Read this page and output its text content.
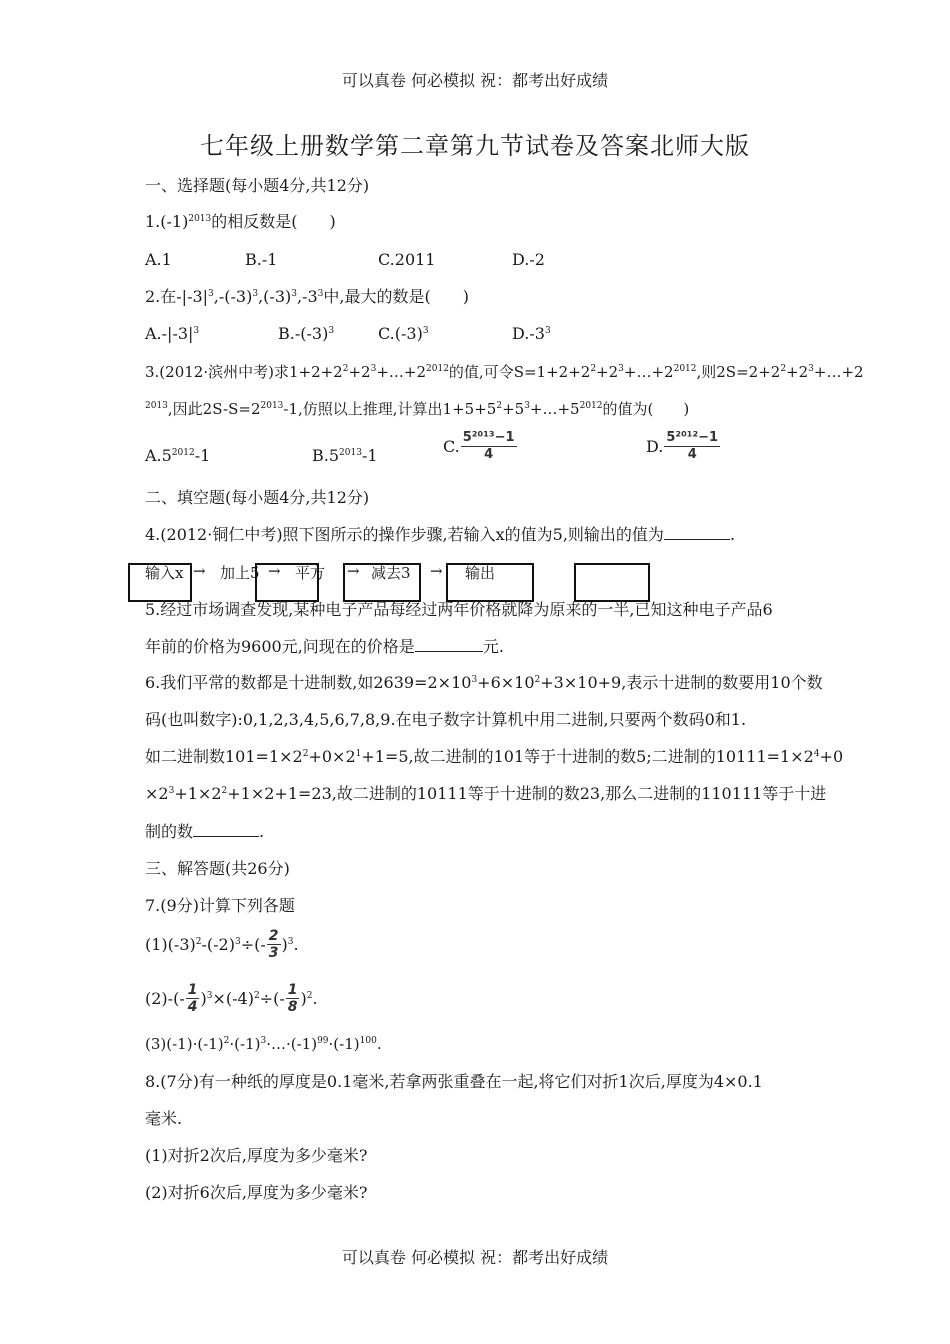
可以真卷 何必模拟 祝：都考出好成绩
七年级上册数学第二章第九节试卷及答案北师大版
一、选择题(每小题4分,共12分)
$1.(-1)^{2013}$的相反数是(　　)
A.1	B.-1	C.2011	D.-2
2.在$-|-3|^3,-(-3)^3,(-3)^3,-3^3$中,最大的数是(　　)
$A.-|-3|^3$	$B.-(-3)^3$	$C.(-3)^3$	$D.-3^3$
3.(2012·滨州中考)求$1+2+2^2+2^3+\dots+2^{2012}$的值,可令$S=1+2+2^2+2^3+\dots+2^{2012}$,则$2S=2+2^2+2^3+\dots+2$
$^{2013}$,因此$2S-S=2^{2013}-1$,仿照以上推理,计算出$1+5+5^2+5^3+\dots+5^{2012}$的值为(　　)
$A.5^{2012}-1$	$B.5^{2013}-1$	C. $\frac{\text{5²⁰¹³−1}}{4}$	D. $\frac{\text{5²⁰¹²−1}}{4}$
二、填空题(每小题4分,共12分)
4.(2012·铜仁中考)照下图所示的操作步骤,若输入x的值为5,则输出的值为	.
输入x → 加上5 → 平方 → 减去3 → 输出
5.经过市场调查发现,某种电子产品每经过两年价格就降为原来的一半,已知这种电子产品6
年前的价格为9600元,问现在的价格是	元.
6.我们平常的数都是十进制数,如$2639=2\times 10^3+6\times 10^2+3\times 10+9$,表示十进制的数要用10个数
码(也叫数字):0,1,2,3,4,5,6,7,8,9.在电子数字计算机中用二进制,只要两个数码0和1.
如二进制数$101=1\times 2^2+0\times 2^1+1=5$,故二进制的101等于十进制的数5;二进制的$10111=1\times 2^4+0$
$\times 2^3+1\times 2^2+1\times 2+1=23$,故二进制的10111等于十进制的数23,那么二进制的110111等于十进
制的数	.
三、解答题(共26分)
7.(9分)计算下列各题
$(1)(-3)^2-(-2)^3\div(- \frac{2}{3} )^3$.
$(2)-(- \frac{1}{4} )^3\times(-4)^2\div(- \frac{1}{8} )^2$.
$(3)(-1)\cdot(-1)^2\cdot(-1)^3\cdot\dots\cdot(-1)^{99}\cdot(-1)^{100}$.
8.(7分)有一种纸的厚度是0.1毫米,若拿两张重叠在一起,将它们对折1次后,厚度为4×0.1
毫米.
(1)对折2次后,厚度为多少毫米?
(2)对折6次后,厚度为多少毫米?
可以真卷 何必模拟 祝：都考出好成绩
